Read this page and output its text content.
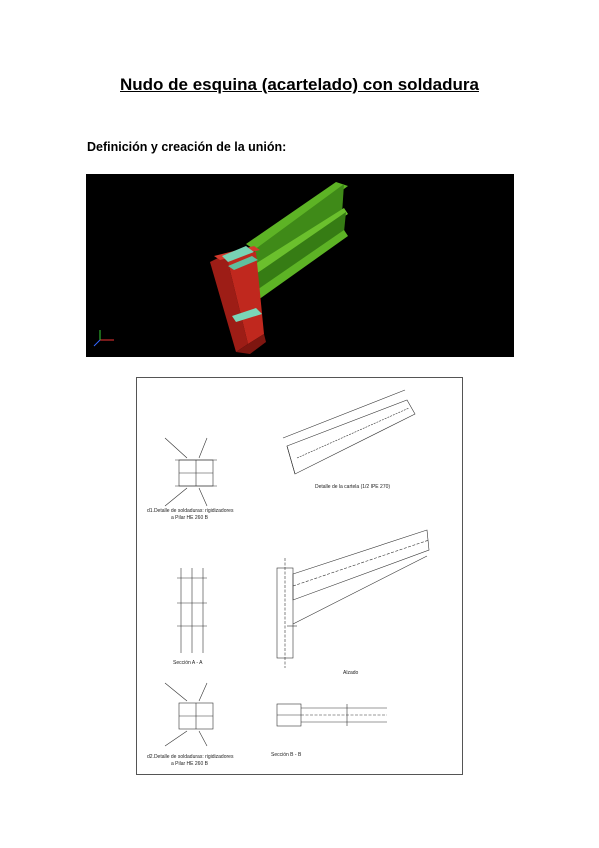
Nudo de esquina (acartelado) con soldadura
Definición y creación de la unión:
Detalle de la cartela (1/2 IPE 270)
d1.Detalle de soldaduras: rigidizadores
a Pilar HE 260 B
Sección A - A
Alzado
d2.Detalle de soldaduras: rigidizadores
a Pilar HE 260 B
Sección B - B
